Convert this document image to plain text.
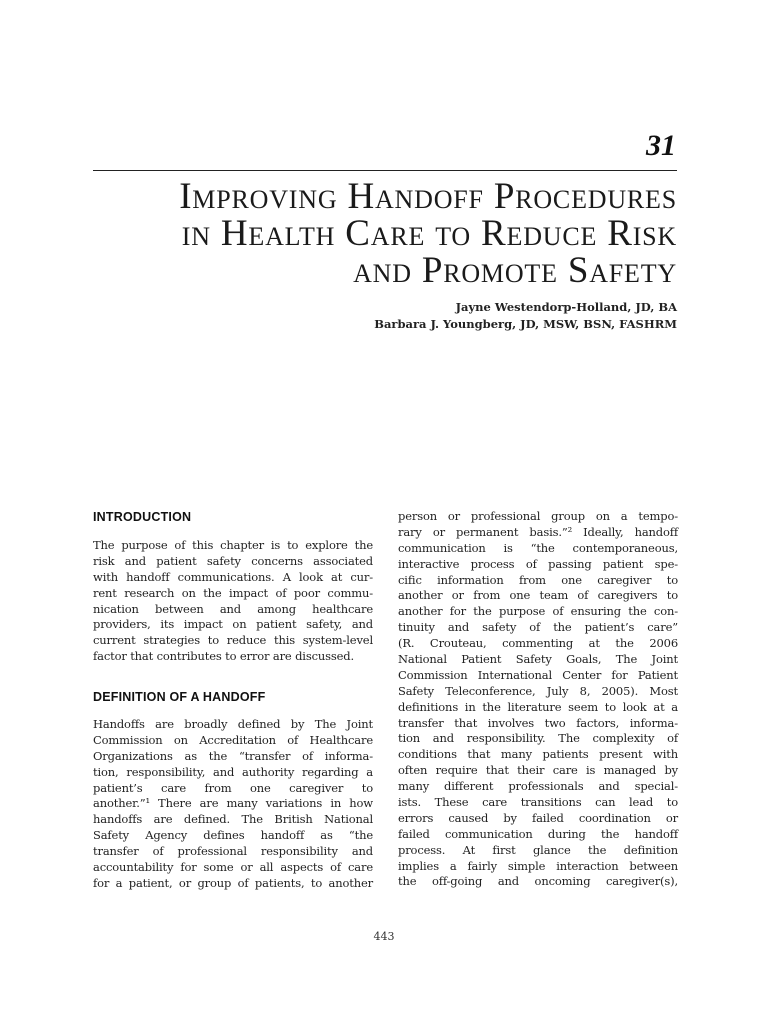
31
Improving Handoff Procedures
in Health Care to Reduce Risk
and Promote Safety
Jayne Westendorp-Holland, JD, BA
Barbara J. Youngberg, JD, MSW, BSN, FASHRM
INTRODUCTION
The purpose of this chapter is to explore the
risk and patient safety concerns associated
with handoff communications. A look at cur-
rent research on the impact of poor commu-
nication between and among healthcare
providers, its impact on patient safety, and
current strategies to reduce this system-level
factor that contributes to error are discussed.
DEFINITION OF A HANDOFF
Handoffs are broadly defined by The Joint
Commission on Accreditation of Healthcare
Organizations as the “transfer of informa-
tion, responsibility, and authority regarding a
patient’s care from one caregiver to
another.”¹ There are many variations in how
handoffs are defined. The British National
Safety Agency defines handoff as “the
transfer of professional responsibility and
accountability for some or all aspects of care
for a patient, or group of patients, to another
person or professional group on a tempo-
rary or permanent basis.”² Ideally, handoff
communication is “the contemporaneous,
interactive process of passing patient spe-
cific information from one caregiver to
another or from one team of caregivers to
another for the purpose of ensuring the con-
tinuity and safety of the patient’s care”
(R. Crouteau, commenting at the 2006
National Patient Safety Goals, The Joint
Commission International Center for Patient
Safety Teleconference, July 8, 2005). Most
definitions in the literature seem to look at a
transfer that involves two factors, informa-
tion and responsibility. The complexity of
conditions that many patients present with
often require that their care is managed by
many different professionals and special-
ists. These care transitions can lead to
errors caused by failed coordination or
failed communication during the handoff
process. At first glance the definition
implies a fairly simple interaction between
the off-going and oncoming caregiver(s),
443
